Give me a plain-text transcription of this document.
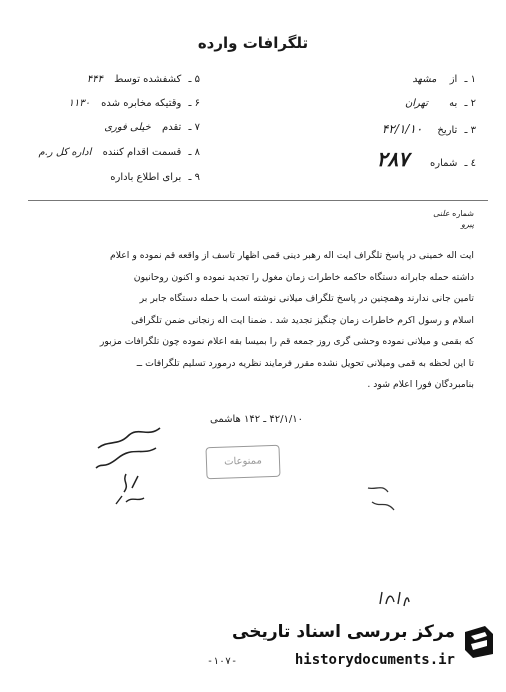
تلگرافات وارده
۱ ـ از مشهد
۲ ـ به تهران
۳ ـ تاریخ ۴۲/۱/۱۰
٤ ـ شماره ۲۸۷
۵ ـ کشفشده توسط ۴۴۴
۶ ـ وقتیکه مخابره شده ۱۱۳۰
۷ ـ تقدم خیلی فوری
۸ ـ قسمت اقدام کننده اداره کل ر.م
۹ ـ برای اطلاع باداره
شماره علنی
پیرو
ایت اله خمینی در پاسخ تلگراف ایت اله رهبر دینی قمی اظهار تاسف از واقعه قم نموده و اعلام
داشته حمله جابرانه دستگاه حاکمه خاطرات زمان مغول را تجدید نموده و اکنون روحانیون
تامین جانی ندارند وهمچنین در پاسخ تلگراف میلانی نوشته است با حمله دستگاه جابر بر
اسلام و رسول اکرم خاطرات زمان چنگیز تجدید شد . ضمنا ایت اله زنجانی ضمن تلگرافی
که بقمی و میلانی نموده وحشی گری روز جمعه قم را بمیسا بقه اعلام نموده چون تلگرافات مزبور
تا این لحظه به قمی ومیلانی تحویل نشده مقرر فرمایند نظریه درمورد تسلیم تلگرافات ــ
بنامبردگان فورا اعلام شود .
۴۲/۱/۱۰ ـ ۱۴۲ هاشمی
ممنوعات
مرکز بررسی اسناد تاریخی
historydocuments.ir
-۱۰۷-
